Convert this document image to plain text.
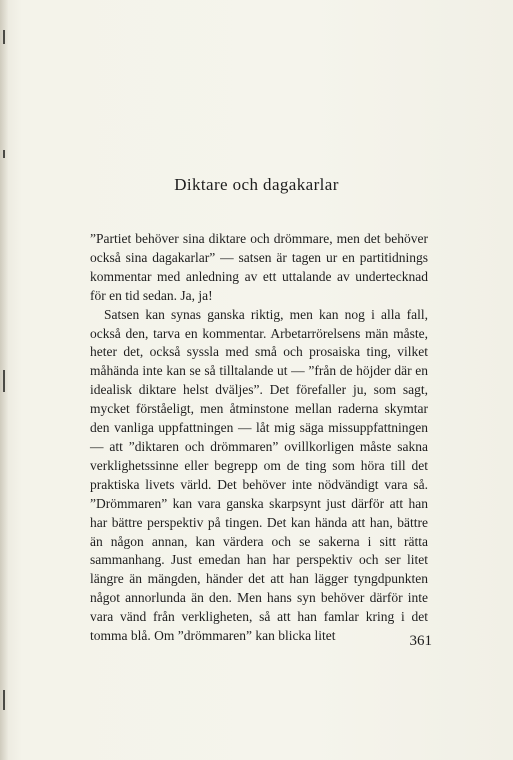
Diktare och dagakarlar

”Partiet behöver sina diktare och drömmare, men det behöver också sina dagakarlar” — satsen är tagen ur en partitidnings kommentar med anledning av ett uttalande av undertecknad för en tid sedan. Ja, ja!

Satsen kan synas ganska riktig, men kan nog i alla fall, också den, tarva en kommentar. Arbetarrörelsens män måste, heter det, också syssla med små och prosaiska ting, vilket måhända inte kan se så tilltalande ut — ”från de höjder där en idealisk diktare helst dväljes”. Det förefaller ju, som sagt, mycket förståeligt, men åtminstone mellan raderna skymtar den vanliga uppfattningen — låt mig säga missuppfattningen — att ”diktaren och drömmaren” ovillkorligen måste sakna verklighetssinne eller begrepp om de ting som höra till det praktiska livets värld. Det behöver inte nödvändigt vara så. ”Drömmaren” kan vara ganska skarpsynt just därför att han har bättre perspektiv på tingen. Det kan hända att han, bättre än någon annan, kan värdera och se sakerna i sitt rätta sammanhang. Just emedan han har perspektiv och ser litet längre än mängden, händer det att han lägger tyngdpunkten något annorlunda än den. Men hans syn behöver därför inte vara vänd från verkligheten, så att han famlar kring i det tomma blå. Om ”drömmaren” kan blicka litet	361
